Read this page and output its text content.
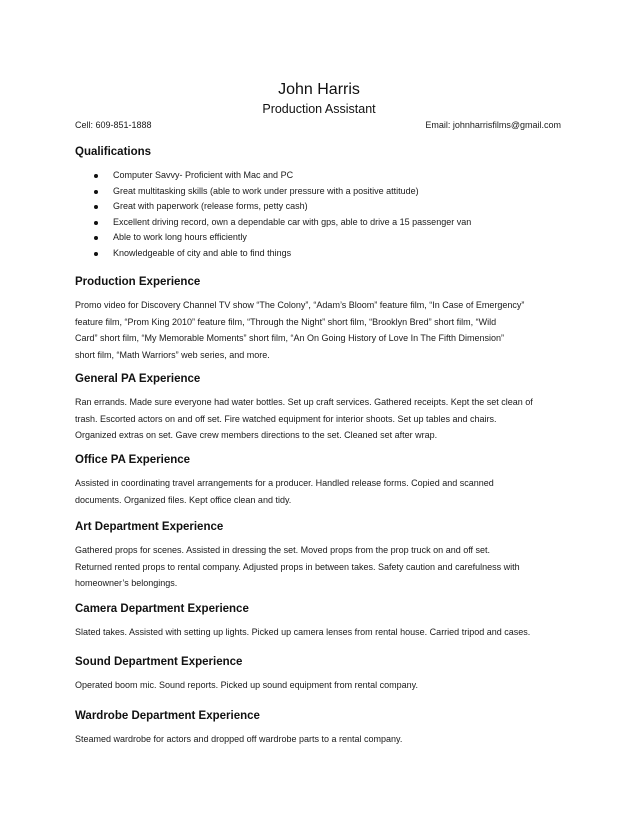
John Harris
Production Assistant
Cell: 609-851-1888	Email: johnharrisfilms@gmail.com
Qualifications
Computer Savvy- Proficient with Mac and PC
Great multitasking skills (able to work under pressure with a positive attitude)
Great with paperwork (release forms, petty cash)
Excellent driving record, own a dependable car with gps, able to drive a 15 passenger van
Able to work long hours efficiently
Knowledgeable of city and able to find things
Production Experience

Promo video for Discovery Channel TV show “The Colony”, “Adam’s Bloom” feature film, “In Case of Emergency”
feature film, “Prom King 2010” feature film, “Through the Night” short film, “Brooklyn Bred” short film, “Wild
Card” short film, “My Memorable Moments” short film, “An On Going History of Love In The Fifth Dimension”
short film, “Math Warriors” web series, and more.

General PA Experience

Ran errands. Made sure everyone had water bottles. Set up craft services. Gathered receipts. Kept the set clean of
trash. Escorted actors on and off set. Fire watched equipment for interior shoots. Set up tables and chairs.
Organized extras on set. Gave crew members directions to the set. Cleaned set after wrap.

Office PA Experience

Assisted in coordinating travel arrangements for a producer. Handled release forms. Copied and scanned
documents. Organized files. Kept office clean and tidy.

Art Department Experience

Gathered props for scenes. Assisted in dressing the set. Moved props from the prop truck on and off set.
Returned rented props to rental company. Adjusted props in between takes. Safety caution and carefulness with
homeowner’s belongings.

Camera Department Experience

Slated takes. Assisted with setting up lights. Picked up camera lenses from rental house. Carried tripod and cases.

Sound Department Experience

Operated boom mic. Sound reports. Picked up sound equipment from rental company.

Wardrobe Department Experience

Steamed wardrobe for actors and dropped off wardrobe parts to a rental company.
